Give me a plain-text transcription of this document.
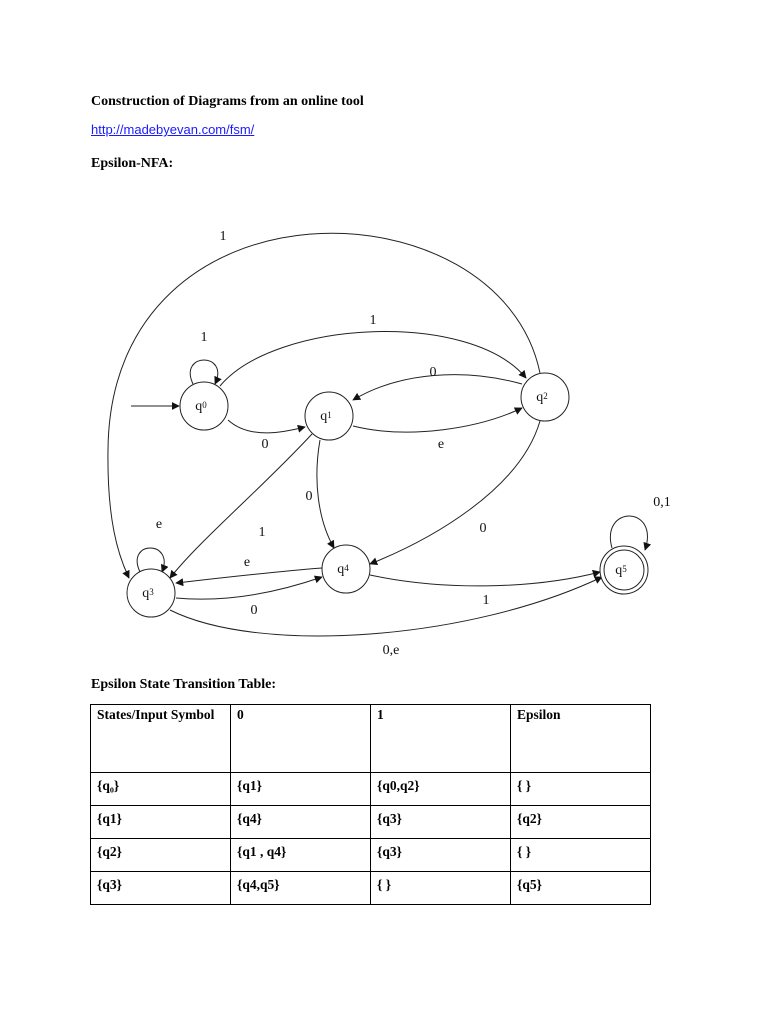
Construction of Diagrams from an online tool
http://madebyevan.com/fsm/
Epsilon-NFA:
1
0
1
0
e
1
1
0
0
e
e
0
1
0,e
0,1
q0
q1
q2
q3
q4	q5
Epsilon State Transition Table:
States/Input Symbol	0	1	Epsilon
{q₀}	{q1}	{q0,q2}	{ }
{q1}	{q4}	{q3}	{q2}
{q2}	{q1 , q4}	{q3}	{ }
{q3}	{q4,q5}	{ }	{q5}
